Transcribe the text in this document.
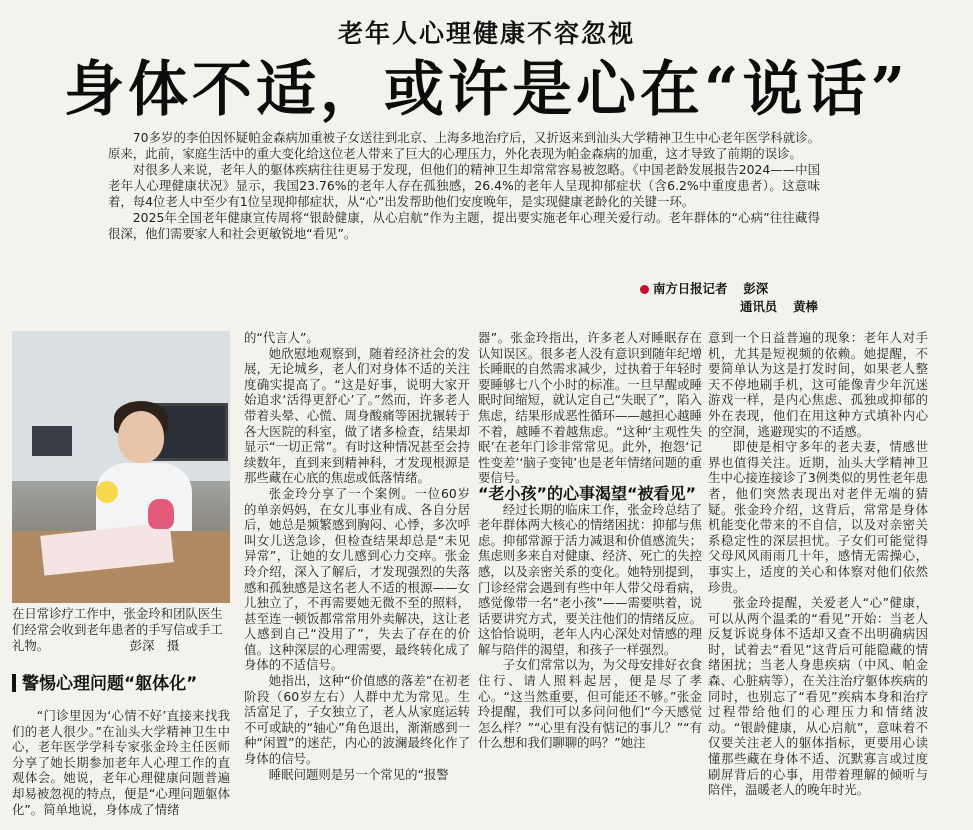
老年人心理健康不容忽视
身体不适，或许是心在“说话”

70多岁的李伯因怀疑帕金森病加重被子女送往到北京、上海多地治疗后，又折返来到汕头大学精神卫生中心老年医学科就诊。原来，此前，家庭生活中的重大变化给这位老人带来了巨大的心理压力，外化表现为帕金森病的加重，这才导致了前期的误诊。

对很多人来说，老年人的躯体疾病往往更易于发现，但他们的精神卫生却常常容易被忽略。《中国老龄发展报告2024——中国老年人心理健康状况》显示，我国23.76%的老年人存在孤独感，26.4%的老年人呈现抑郁症状（含6.2%中重度患者）。这意味着，每4位老人中至少有1位呈现抑郁症状，从“心”出发帮助他们安度晚年，是实现健康老龄化的关键一环。

2025年全国老年健康宣传周将“银龄健康，从心启航”作为主题，提出要实施老年心理关爱行动。老年群体的“心病”往往藏得很深，他们需要家人和社会更敏锐地“看见”。

南方日报记者 彭深
通讯员 黄棒
在日常诊疗工作中，张金玲和团队医生们经常会收到老年患者的手写信或手工礼物。　　　　　　　彭深　摄
警惕心理问题“躯体化”

“门诊里因为‘心情不好’直接来找我们的老人很少。”在汕头大学精神卫生中心，老年医学学科专家张金玲主任医师分享了她长期参加老年人心理工作的直观体会。她说，老年心理健康问题普遍却易被忽视的特点，便是“心理问题躯体化”。简单地说，身体成了情绪

的“代言人”。

她欣慰地观察到，随着经济社会的发展，无论城乡，老人们对身体不适的关注度确实提高了。“这是好事，说明大家开始追求‘活得更舒心’了。”然而，许多老人带着头晕、心慌、周身酸痛等困扰辗转于各大医院的科室，做了诸多检查，结果却显示“一切正常”。有时这种情况甚至会持续数年，直到来到精神科，才发现根源是那些藏在心底的焦虑或低落情绪。

张金玲分享了一个案例。一位60岁的单亲妈妈，在女儿事业有成、各自分居后，她总是频繁感到胸闷、心悸，多次呼叫女儿送急诊，但检查结果却总是“未见异常”，让她的女儿感到心力交瘁。张金玲介绍，深入了解后，才发现强烈的失落感和孤独感是这名老人不适的根源——女儿独立了，不再需要她无微不至的照料，甚至连一顿饭都常常用外卖解决，这让老人感到自己“没用了”，失去了存在的价值。这种深层的心理需要，最终转化成了身体的不适信号。

她指出，这种“价值感的落差”在初老阶段（60岁左右）人群中尤为常见。生活富足了，子女独立了，老人从家庭运转不可或缺的“轴心”角色退出，渐渐感到一种“闲置”的迷茫，内心的波澜最终化作了身体的信号。

睡眠问题则是另一个常见的“报警

器”。张金玲指出，许多老人对睡眠存在认知误区。很多老人没有意识到随年纪增长睡眠的自然需求减少，过执着于年轻时要睡够七八个小时的标准。一旦早醒或睡眠时间缩短，就认定自己“失眠了”，陷入焦虑，结果形成恶性循环——越担心越睡不着，越睡不着越焦虑。“这种‘主观性失眠’在老年门诊非常常见。此外，抱怨‘记性变差’‘脑子变钝’也是老年情绪问题的重要信号。

“老小孩”的心事渴望“被看见”

经过长期的临床工作，张金玲总结了老年群体两大核心的情绪困扰：抑郁与焦虑。抑郁常源于活力减退和价值感流失；焦虑则多来自对健康、经济、死亡的失控感，以及亲密关系的变化。她特别提到，门诊经常会遇到有些中年人带父母看病，感觉像带一名“老小孩”——需要哄着，说话要讲究方式，要关注他们的情绪反应。这恰恰说明，老年人内心深处对情感的理解与陪伴的渴望，和孩子一样强烈。

子女们常常以为，为父母安排好衣食住行、请人照料起居，便是尽了孝心。“这当然重要，但可能还不够。”张金玲提醒，我们可以多问问他们“今天感觉怎么样？”“心里有没有惦记的事儿？”“有什么想和我们聊聊的吗？”她注

意到一个日益普遍的现象：老年人对手机，尤其是短视频的依赖。她提醒，不要简单认为这是打发时间，如果老人整天不停地刷手机，这可能像青少年沉迷游戏一样，是内心焦虑、孤独或抑郁的外在表现，他们在用这种方式填补内心的空洞，逃避现实的不适感。

即使是相守多年的老夫妻，情感世界也值得关注。近期，汕头大学精神卫生中心接连接诊了3例类似的男性老年患者，他们突然表现出对老伴无端的猜疑。张金玲介绍，这背后，常常是身体机能变化带来的不自信，以及对亲密关系稳定性的深层担忧。子女们可能觉得父母风风雨雨几十年，感情无需操心，事实上，适度的关心和体察对他们依然珍贵。

张金玲提醒，关爱老人“心”健康，可以从两个温柔的“看见”开始：当老人反复诉说身体不适却又查不出明确病因时，试着去“看见”这背后可能隐藏的情绪困扰；当老人身患疾病（中风、帕金森、心脏病等），在关注治疗躯体疾病的同时，也别忘了“看见”疾病本身和治疗过程带给他们的心理压力和情绪波动。“银龄健康，从心启航”，意味着不仅要关注老人的躯体指标，更要用心读懂那些藏在身体不适、沉默寡言或过度刷屏背后的心事，用带着理解的倾听与陪伴，温暖老人的晚年时光。
